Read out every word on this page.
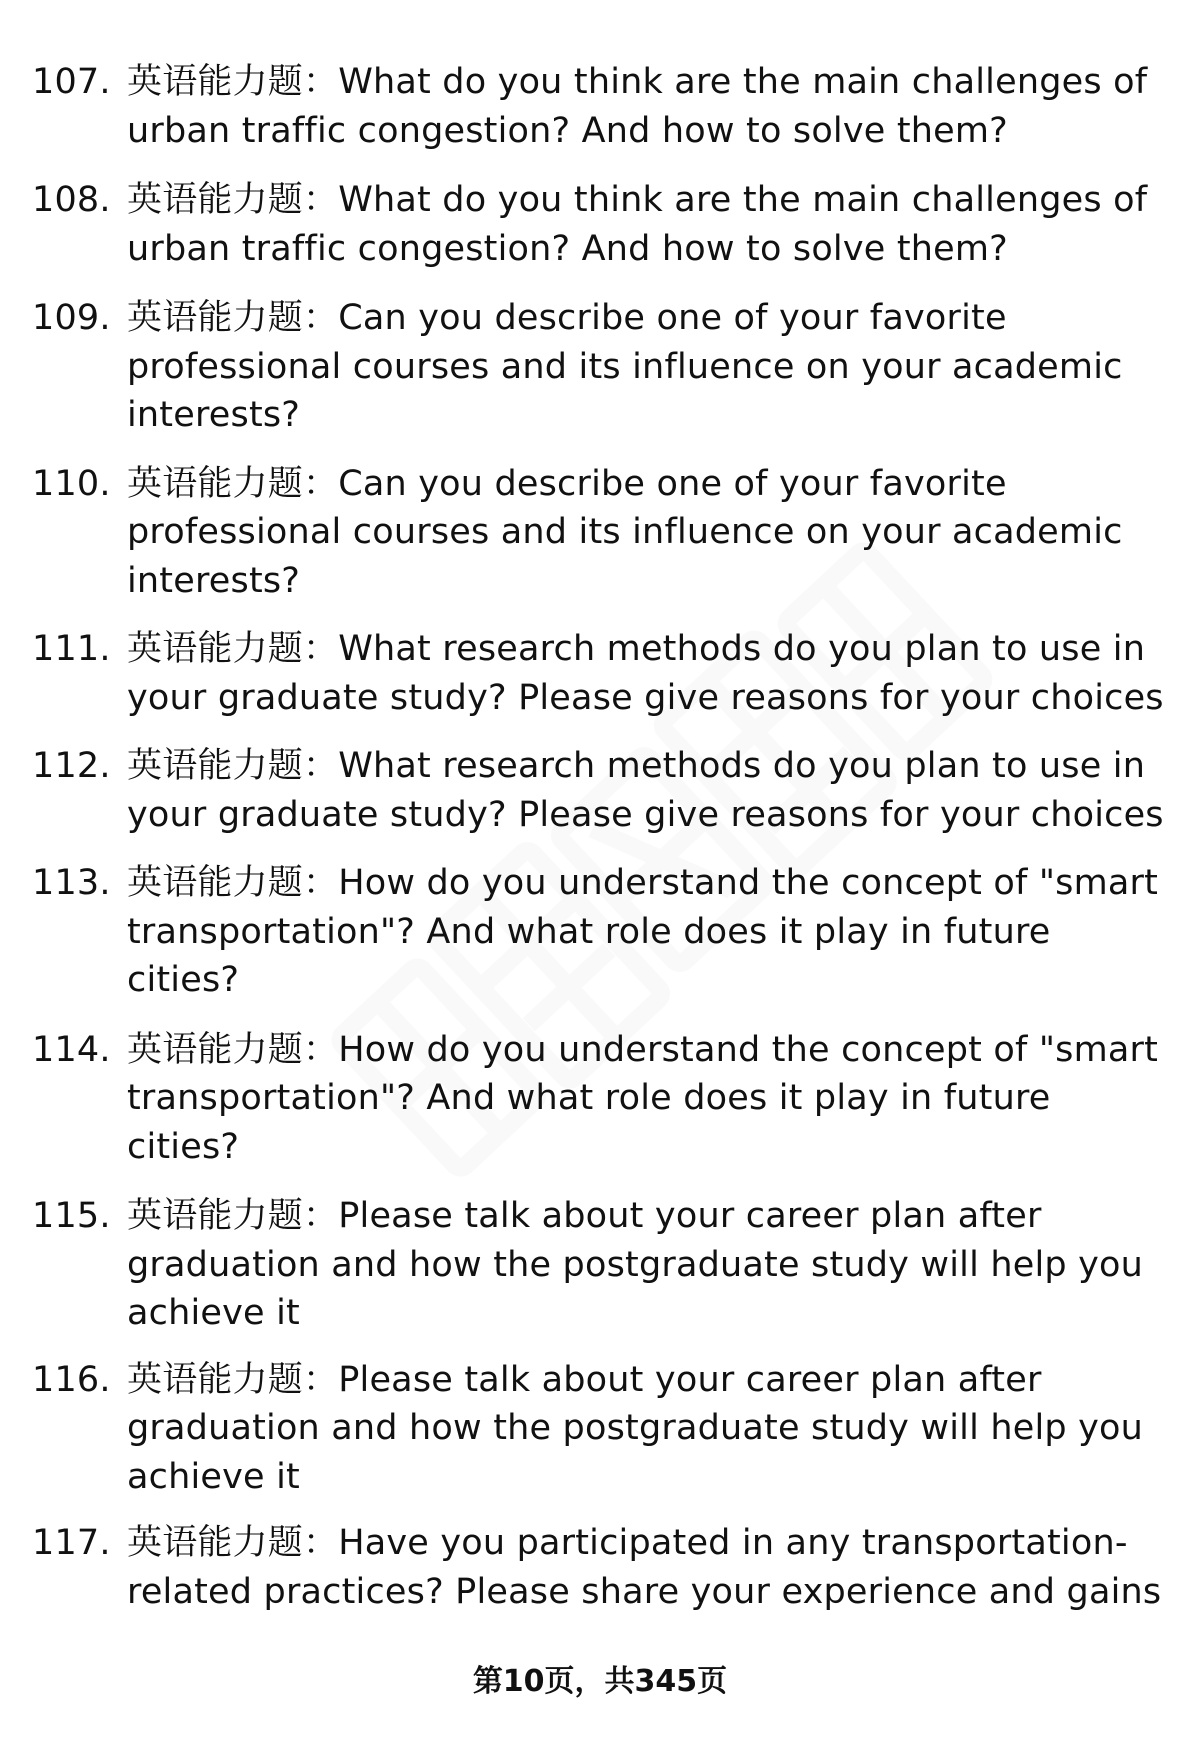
107. 英语能力题：What do you think are the main challenges of urban traffic congestion? And how to solve them?
108. 英语能力题：What do you think are the main challenges of urban traffic congestion? And how to solve them?
109. 英语能力题：Can you describe one of your favorite professional courses and its influence on your academic interests?
110. 英语能力题：Can you describe one of your favorite professional courses and its influence on your academic interests?
111. 英语能力题：What research methods do you plan to use in your graduate study? Please give reasons for your choices
112. 英语能力题：What research methods do you plan to use in your graduate study? Please give reasons for your choices
113. 英语能力题：How do you understand the concept of "smart transportation"? And what role does it play in future cities?
114. 英语能力题：How do you understand the concept of "smart transportation"? And what role does it play in future cities?
115. 英语能力题：Please talk about your career plan after graduation and how the postgraduate study will help you achieve it
116. 英语能力题：Please talk about your career plan after graduation and how the postgraduate study will help you achieve it
117. 英语能力题：Have you participated in any transportation-related practices? Please share your experience and gains
第10页，共345页
